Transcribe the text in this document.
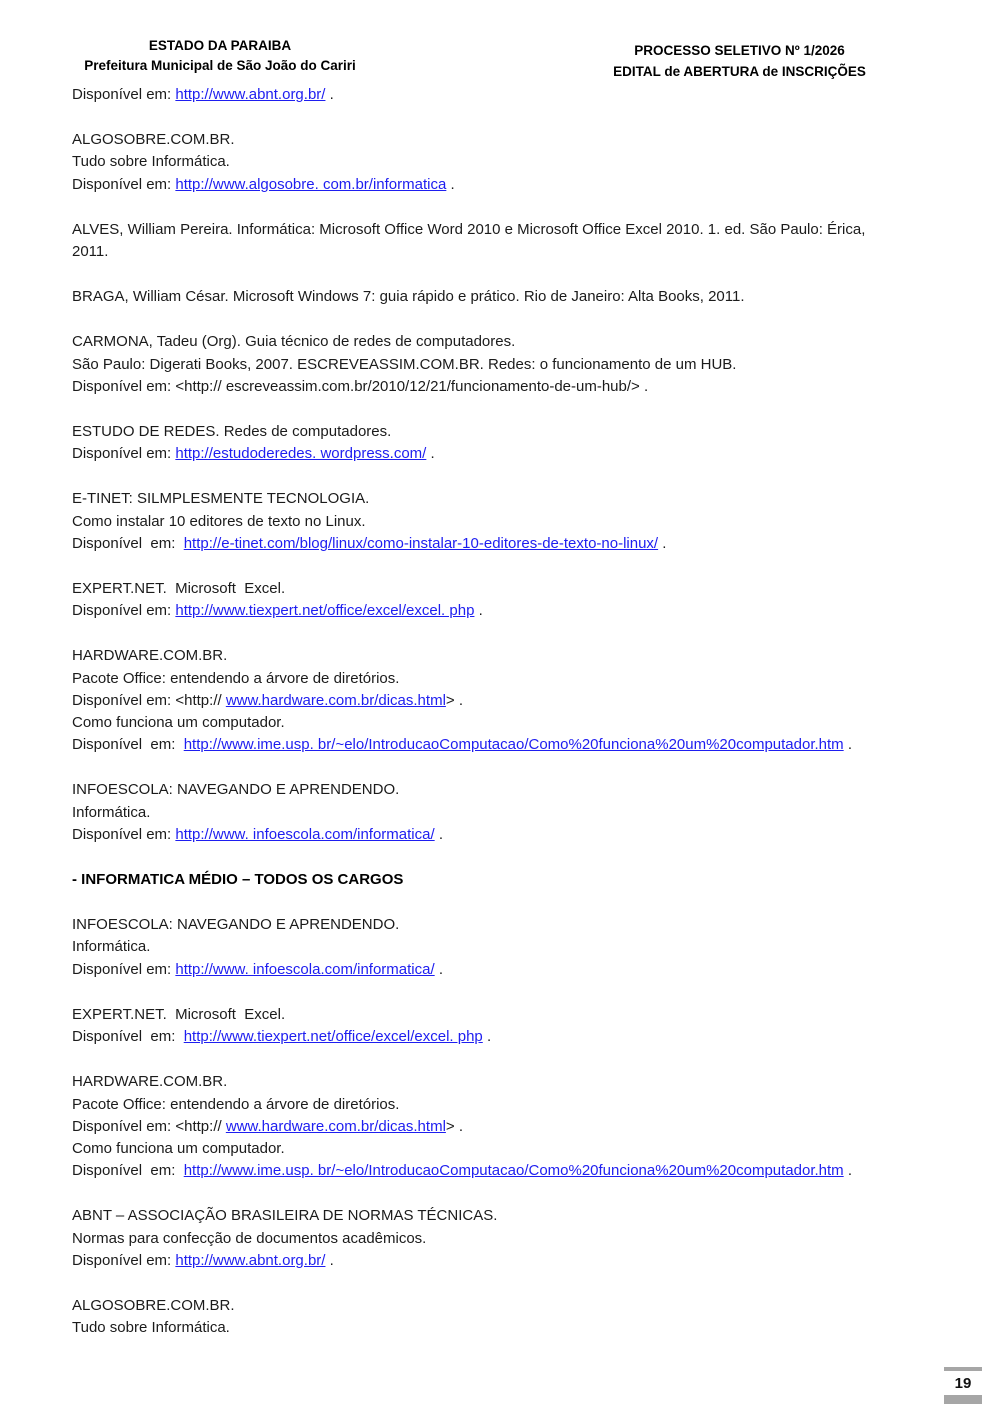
ESTADO DA PARAIBA
Prefeitura Municipal de São João do Cariri
PROCESSO SELETIVO Nº 1/2026
EDITAL de ABERTURA de INSCRIÇÕES
Disponível em: http://www.abnt.org.br/ .
ALGOSOBRE.COM.BR.
Tudo sobre Informática.
Disponível em: http://www.algosobre. com.br/informatica .
ALVES, William Pereira. Informática: Microsoft Office Word 2010 e Microsoft Office Excel 2010. 1. ed. São Paulo: Érica,
2011.
BRAGA, William César. Microsoft Windows 7: guia rápido e prático. Rio de Janeiro: Alta Books, 2011.
CARMONA, Tadeu (Org). Guia técnico de redes de computadores.
São Paulo: Digerati Books, 2007. ESCREVEASSIM.COM.BR. Redes: o funcionamento de um HUB.
Disponível em: <http:// escreveassim.com.br/2010/12/21/funcionamento-de-um-hub/> .
ESTUDO DE REDES. Redes de computadores.
Disponível em: http://estudoderedes. wordpress.com/ .
E-TINET: SILMPLESMENTE TECNOLOGIA.
Como instalar 10 editores de texto no Linux.
Disponível  em:  http://e-tinet.com/blog/linux/como-instalar-10-editores-de-texto-no-linux/ .
EXPERT.NET.  Microsoft  Excel.
Disponível em: http://www.tiexpert.net/office/excel/excel. php .
HARDWARE.COM.BR.
Pacote Office: entendendo a árvore de diretórios.
Disponível em: <http:// www.hardware.com.br/dicas.html> .
Como funciona um computador.
Disponível  em:  http://www.ime.usp. br/~elo/IntroducaoComputacao/Como%20funciona%20um%20computador.htm .
INFOESCOLA: NAVEGANDO E APRENDENDO.
Informática.
Disponível em: http://www. infoescola.com/informatica/ .
- INFORMATICA MÉDIO – TODOS OS CARGOS
INFOESCOLA: NAVEGANDO E APRENDENDO.
Informática.
Disponível em: http://www. infoescola.com/informatica/ .
EXPERT.NET.  Microsoft  Excel.
Disponível  em:  http://www.tiexpert.net/office/excel/excel. php .
HARDWARE.COM.BR.
Pacote Office: entendendo a árvore de diretórios.
Disponível em: <http:// www.hardware.com.br/dicas.html> .
Como funciona um computador.
Disponível  em:  http://www.ime.usp. br/~elo/IntroducaoComputacao/Como%20funciona%20um%20computador.htm .
ABNT – ASSOCIAÇÃO BRASILEIRA DE NORMAS TÉCNICAS.
Normas para confecção de documentos acadêmicos.
Disponível em: http://www.abnt.org.br/ .
ALGOSOBRE.COM.BR.
Tudo sobre Informática.
19
